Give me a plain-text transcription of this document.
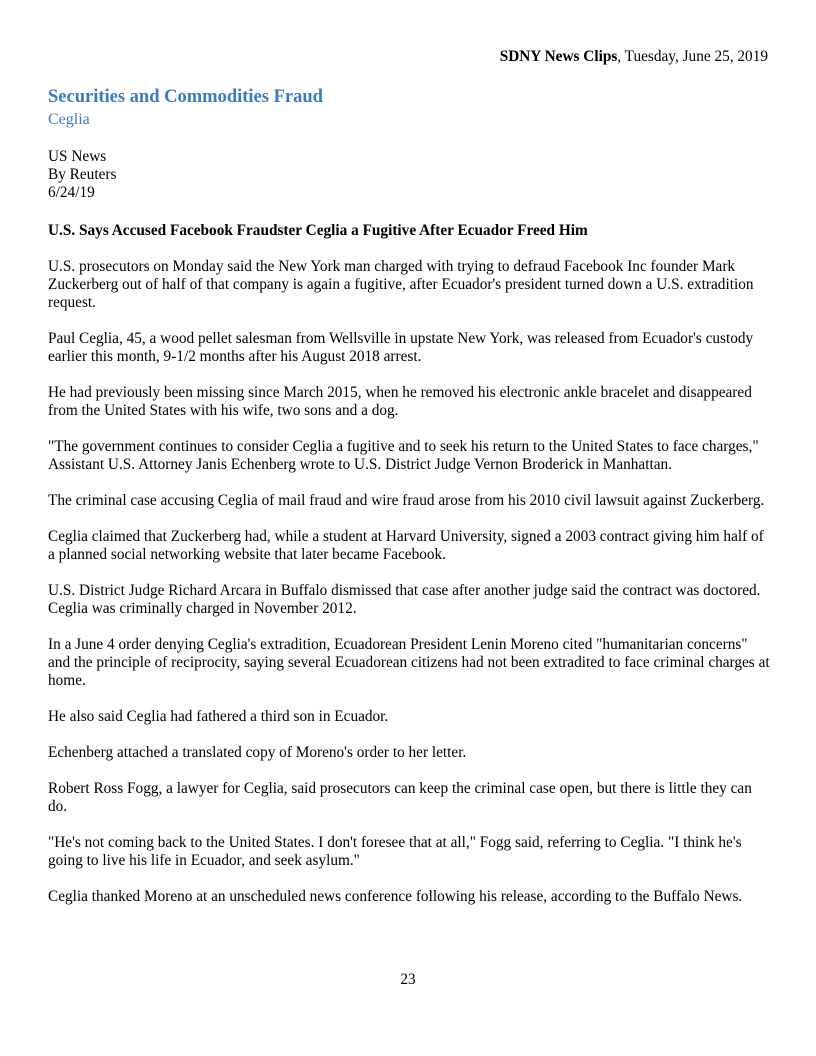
SDNY News Clips, Tuesday, June 25, 2019
Securities and Commodities Fraud
Ceglia
US News
By Reuters
6/24/19
U.S. Says Accused Facebook Fraudster Ceglia a Fugitive After Ecuador Freed Him

U.S. prosecutors on Monday said the New York man charged with trying to defraud Facebook Inc founder Mark Zuckerberg out of half of that company is again a fugitive, after Ecuador's president turned down a U.S. extradition request.

Paul Ceglia, 45, a wood pellet salesman from Wellsville in upstate New York, was released from Ecuador's custody earlier this month, 9-1/2 months after his August 2018 arrest.

He had previously been missing since March 2015, when he removed his electronic ankle bracelet and disappeared from the United States with his wife, two sons and a dog.

"The government continues to consider Ceglia a fugitive and to seek his return to the United States to face charges," Assistant U.S. Attorney Janis Echenberg wrote to U.S. District Judge Vernon Broderick in Manhattan.

The criminal case accusing Ceglia of mail fraud and wire fraud arose from his 2010 civil lawsuit against Zuckerberg.

Ceglia claimed that Zuckerberg had, while a student at Harvard University, signed a 2003 contract giving him half of a planned social networking website that later became Facebook.

U.S. District Judge Richard Arcara in Buffalo dismissed that case after another judge said the contract was doctored. Ceglia was criminally charged in November 2012.

In a June 4 order denying Ceglia's extradition, Ecuadorean President Lenin Moreno cited "humanitarian concerns" and the principle of reciprocity, saying several Ecuadorean citizens had not been extradited to face criminal charges at home.

He also said Ceglia had fathered a third son in Ecuador.

Echenberg attached a translated copy of Moreno's order to her letter.

Robert Ross Fogg, a lawyer for Ceglia, said prosecutors can keep the criminal case open, but there is little they can do.

"He's not coming back to the United States. I don't foresee that at all," Fogg said, referring to Ceglia. "I think he's going to live his life in Ecuador, and seek asylum."

Ceglia thanked Moreno at an unscheduled news conference following his release, according to the Buffalo News.

23
